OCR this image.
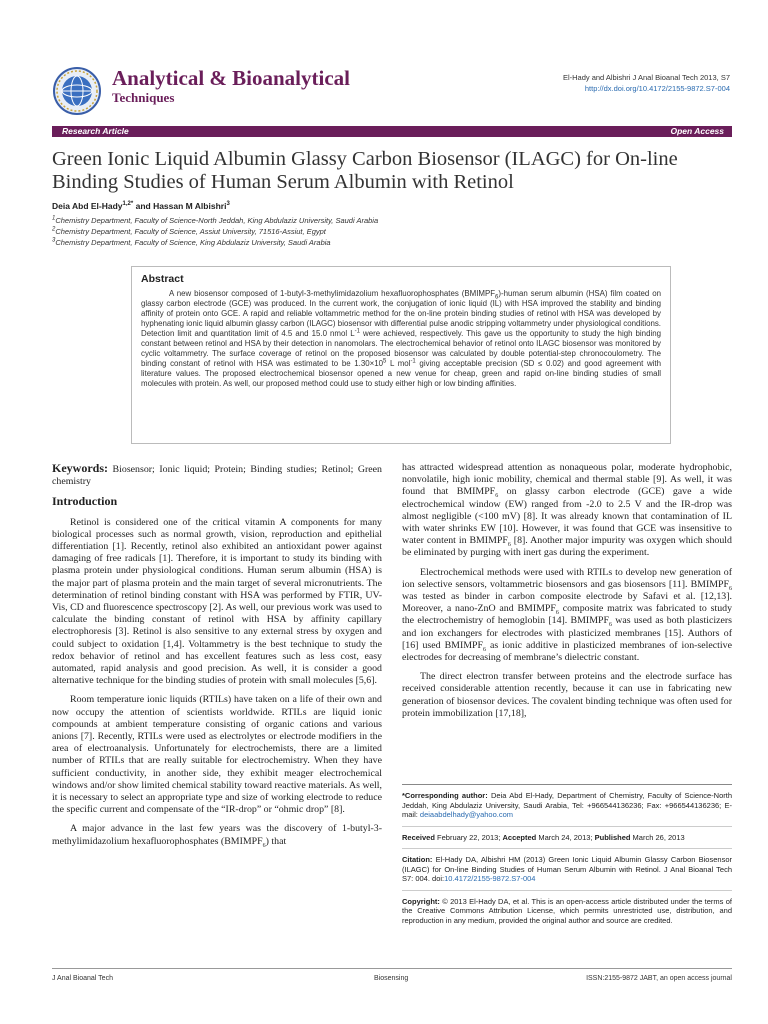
Analytical & Bioanalytical
Techniques
El-Hady and Albishri J Anal Bioanal Tech 2013, S7
http://dx.doi.org/10.4172/2155-9872.S7-004
Research Article	Open Access
Green Ionic Liquid Albumin Glassy Carbon Biosensor (ILAGC) for On-line Binding Studies of Human Serum Albumin with Retinol
Deia Abd El-Hady$^{1,2*}$ and Hassan M Albishri$^3$
$^1$Chemistry Department, Faculty of Science-North Jeddah, King Abdulaziz University, Saudi Arabia
$^2$Chemistry Department, Faculty of Science, Assiut University, 71516-Assiut, Egypt
$^3$Chemistry Department, Faculty of Science, King Abdulaziz University, Saudi Arabia
Abstract

A new biosensor composed of 1-butyl-3-methylimidazolium hexafluorophosphates $(BMIMPF_6)$-human serum albumin (HSA) film coated on glassy carbon electrode (GCE) was produced. In the current work, the conjugation of ionic liquid (IL) with HSA improved the stability and binding affinity of protein onto GCE. A rapid and reliable voltammetric method for the on-line protein binding studies of retinol with HSA was developed by hyphenating ionic liquid albumin glassy carbon (ILAGC) biosensor with differential pulse anodic stripping voltammetry under physiological conditions. Detection limit and quantitation limit of 4.5 and 15.0 nmol $L^{-1}$ were achieved, respectively. This gave us the opportunity to study the high binding constant between retinol and HSA by their detection in nanomolars. The electrochemical behavior of retinol onto ILAGC biosensor was monitored by cyclic voltammetry. The surface coverage of retinol on the proposed biosensor was calculated by double potential-step chronocoulometry. The binding constant of retinol with HSA was estimated to be $1.30\times 10^5$ L mol$^{-1}$ giving acceptable precision (SD ≤ 0.02) and good agreement with literature values. The proposed electrochemical biosensor opened a new venue for cheap, green and rapid on-line binding studies of small molecules with protein. As well, our proposed method could use to study either high or low binding affinities.

Keywords: Biosensor; Ionic liquid; Protein; Binding studies; Retinol; Green chemistry

Introduction

Retinol is considered one of the critical vitamin A components for many biological processes such as normal growth, vision, reproduction and epithelial differentiation [1]. Recently, retinol also exhibited an antioxidant power against damaging of free radicals [1]. Therefore, it is important to study its binding with plasma protein under physiological conditions. Human serum albumin (HSA) is the major part of plasma protein and the main target of several micronutrients. The determination of retinol binding constant with HSA was performed by FTIR, UV-Vis, CD and fluorescence spectroscopy [2]. As well, our previous work was used to calculate the binding constant of retinol with HSA by affinity capillary electrophoresis [3]. Retinol is also sensitive to any external stress by oxygen and could subject to oxidation [1,4]. Voltammetry is the best technique to study the redox behavior of retinol and has excellent features such as less cost, easy automated, rapid analysis and good precision. As well, it is consider a good alternative technique for the binding studies of protein with small molecules [5,6].

Room temperature ionic liquids (RTILs) have taken on a life of their own and now occupy the attention of scientists worldwide. RTILs are liquid ionic compounds at ambient temperature consisting of organic cations and various anions [7]. Recently, RTILs were used as electrolytes or electrode modifiers in the area of electroanalysis. Unfortunately for electrochemists, there are a limited number of RTILs that are really suitable for electrochemistry. When they have sufficient conductivity, in another side, they exhibit meager electrochemical windows and/or show limited chemical stability toward reactive materials. As well, it is necessary to select an appropriate type and size of working electrode to reduce the specific current and compensate of the “IR-drop” or “ohmic drop” [8].

A major advance in the last few years was the discovery of 1-butyl-3-methylimidazolium hexafluorophosphates $(BMIMPF_6)$ that

has attracted widespread attention as nonaqueous polar, moderate hydrophobic, nonvolatile, high ionic mobility, chemical and thermal stable [9]. As well, it was found that $BMIMPF_6$ on glassy carbon electrode (GCE) gave a wide electrochemical window (EW) ranged from -2.0 to 2.5 V and the IR-drop was almost negligible (<100 mV) [8]. It was already known that contamination of IL with water shrinks EW [10]. However, it was found that GCE was insensitive to water content in $BMIMPF_6$ [8]. Another major impurity was oxygen which should be eliminated by purging with inert gas during the experiment.

Electrochemical methods were used with RTILs to develop new generation of ion selective sensors, voltammetric biosensors and gas biosensors [11]. $BMIMPF_6$ was tested as binder in carbon composite electrode by Safavi et al. [12,13]. Moreover, a nano-ZnO and $BMIMPF_6$ composite matrix was fabricated to study the electrochemistry of hemoglobin [14]. $BMIMPF_6$ was used as both plasticizers and ion exchangers for electrodes with plasticized membranes [15]. Authors of [16] used $BMIMPF_6$ as ionic additive in plasticized membranes of ion-selective electrodes for decreasing of membrane’s dielectric constant.

The direct electron transfer between proteins and the electrode surface has received considerable attention recently, because it can use in fabricating new generation of biosensor devices. The covalent binding technique was often used for protein immobilization [17,18],

*Corresponding author: Deia Abd El-Hady, Department of Chemistry, Faculty of Science-North Jeddah, King Abdulaziz University, Saudi Arabia, Tel: +966544136236; Fax: +966544136236; E-mail: deiaabdelhady@yahoo.com

Received February 22, 2013; Accepted March 24, 2013; Published March 26, 2013

Citation: El-Hady DA, Albishri HM (2013) Green Ionic Liquid Albumin Glassy Carbon Biosensor (ILAGC) for On-line Binding Studies of Human Serum Albumin with Retinol. J Anal Bioanal Tech S7: 004. doi:10.4172/2155-9872.S7-004

Copyright: © 2013 El-Hady DA, et al. This is an open-access article distributed under the terms of the Creative Commons Attribution License, which permits unrestricted use, distribution, and reproduction in any medium, provided the original author and source are credited.

J Anal Bioanal Tech	Biosensing	ISSN:2155-9872 JABT, an open access journal
